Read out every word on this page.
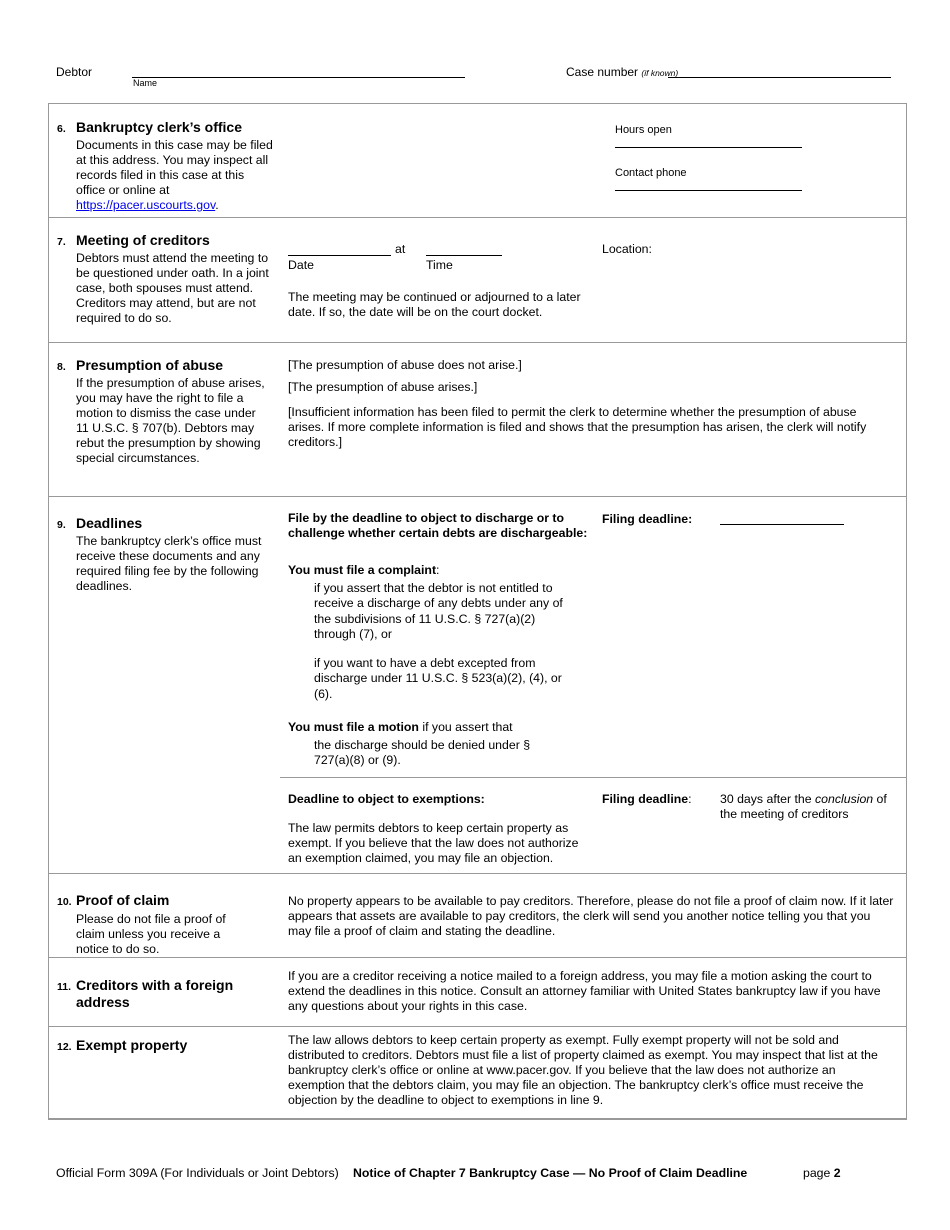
Debtor
Name
Case number (if known)
6. Bankruptcy clerk’s office
Documents in this case may be filed at this address. You may inspect all records filed in this case at this office or online at https://pacer.uscourts.gov.
Hours open
Contact phone
7. Meeting of creditors

Debtors must attend the meeting to be questioned under oath. In a joint case, both spouses must attend.

Creditors may attend, but are not required to do so.

at
Date	Time
Location:
The meeting may be continued or adjourned to a later date. If so, the date will be on the court docket.
8. Presumption of abuse
If the presumption of abuse arises, you may have the right to file a motion to dismiss the case under 11 U.S.C. § 707(b). Debtors may rebut the presumption by showing special circumstances.
[The presumption of abuse does not arise.]
[The presumption of abuse arises.]
[Insufficient information has been filed to permit the clerk to determine whether the presumption of abuse arises. If more complete information is filed and shows that the presumption has arisen, the clerk will notify creditors.]
9. Deadlines
The bankruptcy clerk’s office must receive these documents and any required filing fee by the following deadlines.
File by the deadline to object to discharge or to challenge whether certain debts are dischargeable:
Filing deadline:
You must file a complaint:
if you assert that the debtor is not entitled to receive a discharge of any debts under any of the subdivisions of 11 U.S.C. § 727(a)(2) through (7), or
if you want to have a debt excepted from discharge under 11 U.S.C. § 523(a)(2), (4), or (6).
You must file a motion if you assert that
the discharge should be denied under § 727(a)(8) or (9).
Deadline to object to exemptions:	Filing deadline: 30 days after the conclusion of the meeting of creditors
The law permits debtors to keep certain property as exempt. If you believe that the law does not authorize an exemption claimed, you may file an objection.
10. Proof of claim
Please do not file a proof of claim unless you receive a notice to do so.
No property appears to be available to pay creditors. Therefore, please do not file a proof of claim now. If it later appears that assets are available to pay creditors, the clerk will send you another notice telling you that you may file a proof of claim and stating the deadline.
11. Creditors with a foreign
address
If you are a creditor receiving a notice mailed to a foreign address, you may file a motion asking the court to extend the deadlines in this notice. Consult an attorney familiar with United States bankruptcy law if you have any questions about your rights in this case.
12. Exempt property	The law allows debtors to keep certain property as exempt. Fully exempt property will not be sold and distributed to creditors. Debtors must file a list of property claimed as exempt. You may inspect that list at the bankruptcy clerk’s office or online at www.pacer.gov. If you believe that the law does not authorize an exemption that the debtors claim, you may file an objection. The bankruptcy clerk’s office must receive the objection by the deadline to object to exemptions in line 9.
Official Form 309A (For Individuals or Joint Debtors) Notice of Chapter 7 Bankruptcy Case — No Proof of Claim Deadline	page 2
